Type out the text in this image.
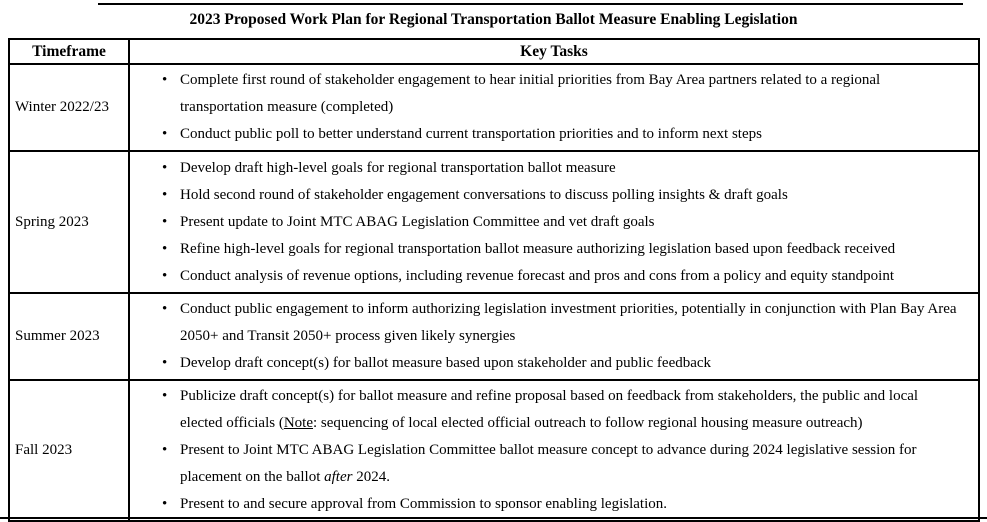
2023 Proposed Work Plan for Regional Transportation Ballot Measure Enabling Legislation
Timeframe	Key Tasks
Winter 2022/23	
• Complete first round of stakeholder engagement to hear initial priorities from Bay Area partners related to a regional transportation measure (completed)
• Conduct public poll to better understand current transportation priorities and to inform next steps

Spring 2023	
• Develop draft high-level goals for regional transportation ballot measure
• Hold second round of stakeholder engagement conversations to discuss polling insights & draft goals
• Present update to Joint MTC ABAG Legislation Committee and vet draft goals
• Refine high-level goals for regional transportation ballot measure authorizing legislation based upon feedback received
• Conduct analysis of revenue options, including revenue forecast and pros and cons from a policy and equity standpoint

Summer 2023	
• Conduct public engagement to inform authorizing legislation investment priorities, potentially in conjunction with Plan Bay Area 2050+ and Transit 2050+ process given likely synergies
• Develop draft concept(s) for ballot measure based upon stakeholder and public feedback

Fall 2023	
• Publicize draft concept(s) for ballot measure and refine proposal based on feedback from stakeholders, the public and local elected officials (Note: sequencing of local elected official outreach to follow regional housing measure outreach)
• Present to Joint MTC ABAG Legislation Committee ballot measure concept to advance during 2024 legislative session for placement on the ballot after 2024.
• Present to and secure approval from Commission to sponsor enabling legislation.
